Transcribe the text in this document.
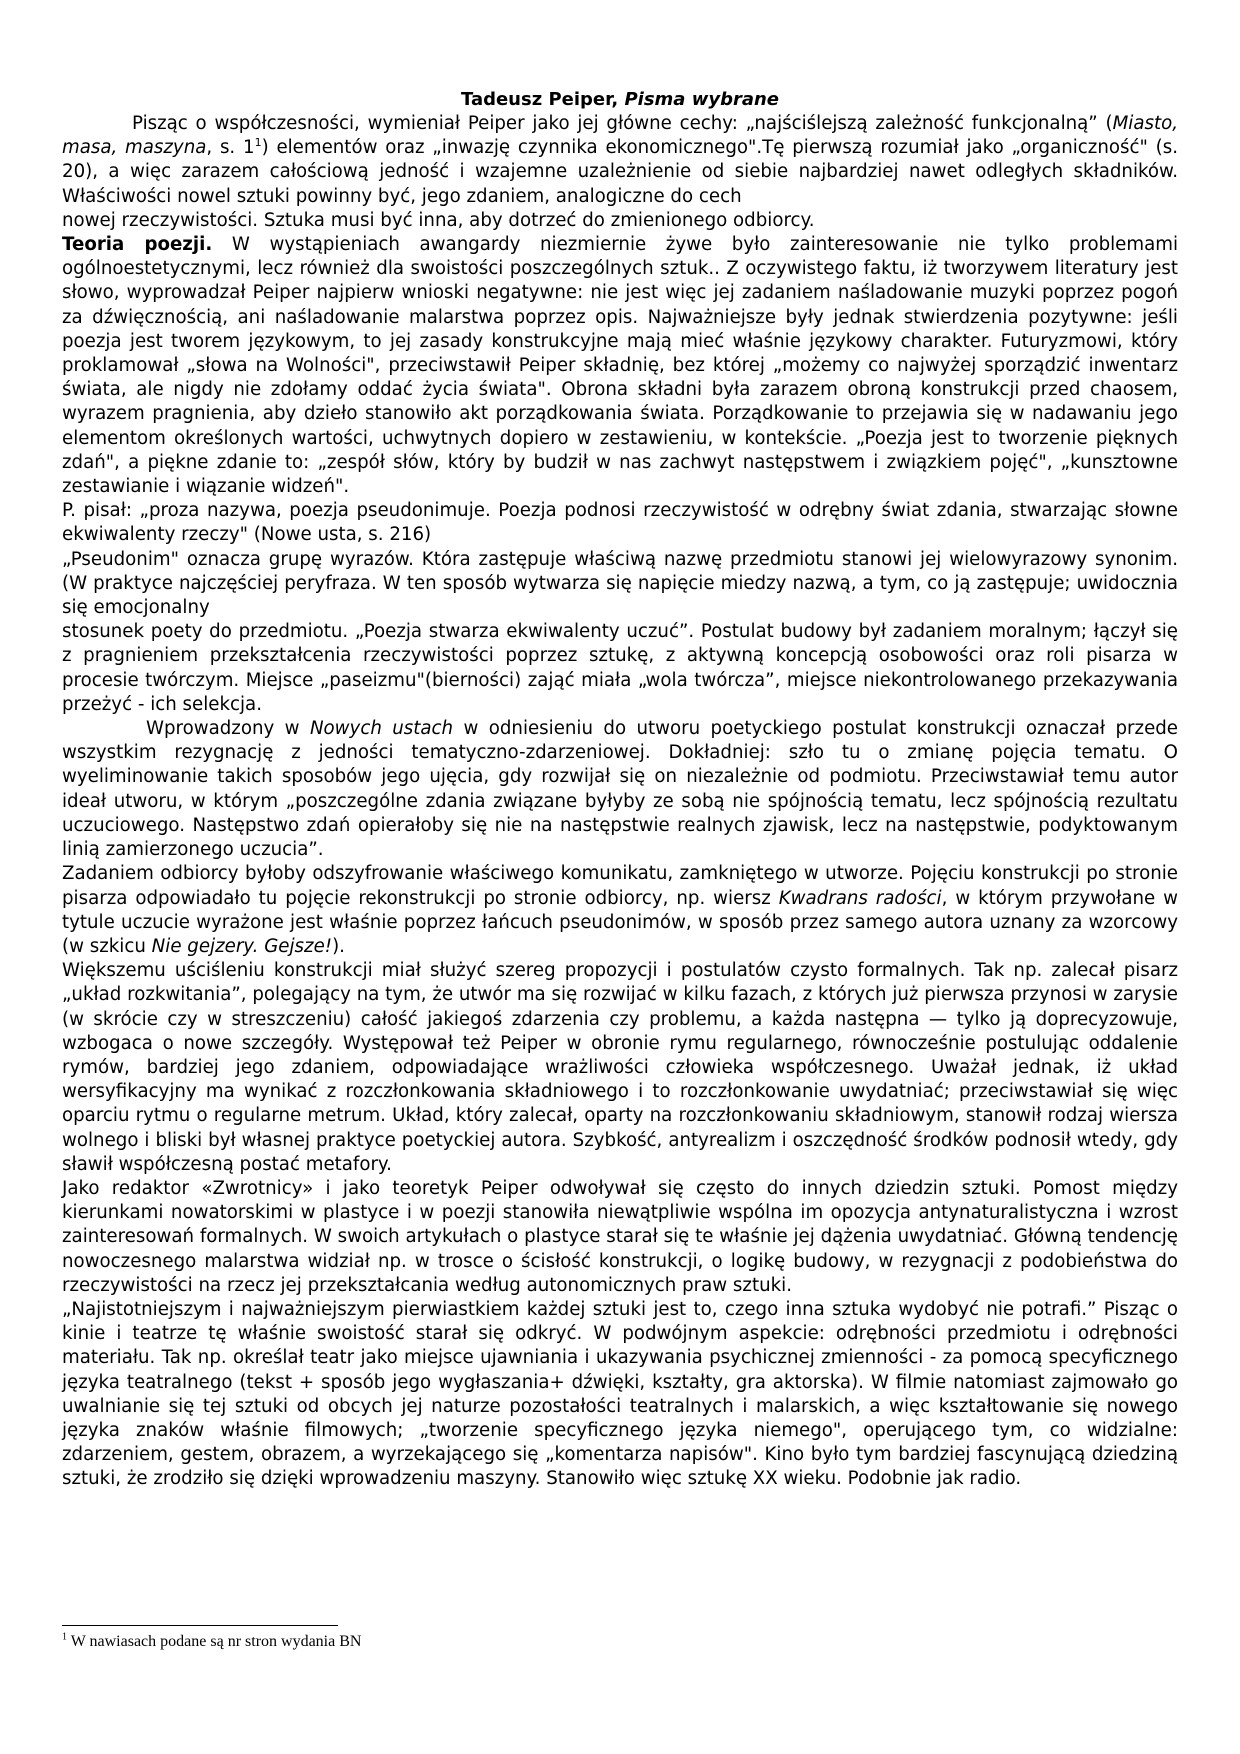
Tadeusz Peiper, Pisma wybrane

Pisząc o współczesności, wymieniał Peiper jako jej główne cechy: „najściślejszą zależność funkcjonalną” (Miasto, masa, maszyna, s. $1^1$) elementów oraz „inwazję czynnika ekonomicznego".Tę pierwszą rozumiał jako „organiczność" (s. 20), a więc zarazem całościową jedność i wzajemne uzależnienie od siebie najbardziej nawet odległych składników. Właściwości nowel sztuki powinny być, jego zdaniem, analogiczne do cech

nowej rzeczywistości. Sztuka musi być inna, aby dotrzeć do zmienionego odbiorcy.

Teoria poezji. W wystąpieniach awangardy niezmiernie żywe było zainteresowanie nie tylko problemami ogólnoestetycznymi, lecz również dla swoistości poszczególnych sztuk.. Z oczywistego faktu, iż tworzywem literatury jest słowo, wyprowadzał Peiper najpierw wnioski negatywne: nie jest więc jej zadaniem naśladowanie muzyki poprzez pogoń za dźwięcznością, ani naśladowanie malarstwa poprzez opis. Najważniejsze były jednak stwierdzenia pozytywne: jeśli poezja jest tworem językowym, to jej zasady konstrukcyjne mają mieć właśnie językowy charakter. Futuryzmowi, który proklamował „słowa na Wolności", przeciwstawił Peiper składnię, bez której „możemy co najwyżej sporządzić inwentarz świata, ale nigdy nie zdołamy oddać życia świata". Obrona składni była zarazem obroną konstrukcji przed chaosem, wyrazem pragnienia, aby dzieło stanowiło akt porządkowania świata. Porządkowanie to przejawia się w nadawaniu jego elementom określonych wartości, uchwytnych dopiero w zestawieniu, w kontekście. „Poezja jest to tworzenie pięknych zdań", a piękne zdanie to: „zespół słów, który by budził w nas zachwyt następstwem i związkiem pojęć", „kunsztowne zestawianie i wiązanie widzeń".

P. pisał: „proza nazywa, poezja pseudonimuje. Poezja podnosi rzeczywistość w odrębny świat zdania, stwarzając słowne ekwiwalenty rzeczy" (Nowe usta, s. 216)

„Pseudonim" oznacza grupę wyrazów. Która zastępuje właściwą nazwę przedmiotu stanowi jej wielowyrazowy synonim. (W praktyce najczęściej peryfraza. W ten sposób wytwarza się napięcie miedzy nazwą, a tym, co ją zastępuje; uwidocznia się emocjonalny

stosunek poety do przedmiotu. „Poezja stwarza ekwiwalenty uczuć”. Postulat budowy był zadaniem moralnym; łączył się z pragnieniem przekształcenia rzeczywistości poprzez sztukę, z aktywną koncepcją osobowości oraz roli pisarza w procesie twórczym. Miejsce „paseizmu"(bierności) zająć miała „wola twórcza”, miejsce niekontrolowanego przekazywania przeżyć - ich selekcja.

Wprowadzony w Nowych ustach w odniesieniu do utworu poetyckiego postulat konstrukcji oznaczał przede wszystkim rezygnację z jedności tematyczno-zdarzeniowej. Dokładniej: szło tu o zmianę pojęcia tematu. O wyeliminowanie takich sposobów jego ujęcia, gdy rozwijał się on niezależnie od podmiotu. Przeciwstawiał temu autor ideał utworu, w którym „poszczególne zdania związane byłyby ze sobą nie spójnością tematu, lecz spójnością rezultatu uczuciowego. Następstwo zdań opierałoby się nie na następstwie realnych zjawisk, lecz na następstwie, podyktowanym linią zamierzonego uczucia”.

Zadaniem odbiorcy byłoby odszyfrowanie właściwego komunikatu, zamkniętego w utworze. Pojęciu konstrukcji po stronie pisarza odpowiadało tu pojęcie rekonstrukcji po stronie odbiorcy, np. wiersz Kwadrans radości, w którym przywołane w tytule uczucie wyrażone jest właśnie poprzez łańcuch pseudonimów, w sposób przez samego autora uznany za wzorcowy (w szkicu Nie gejzery. Gejsze!).

Większemu uściśleniu konstrukcji miał służyć szereg propozycji i postulatów czysto formalnych. Tak np. zalecał pisarz „układ rozkwitania”, polegający na tym, że utwór ma się rozwijać w kilku fazach, z których już pierwsza przynosi w zarysie (w skrócie czy w streszczeniu) całość jakiegoś zdarzenia czy problemu, a każda następna — tylko ją doprecyzowuje, wzbogaca o nowe szczegóły. Występował też Peiper w obronie rymu regularnego, równocześnie postulując oddalenie rymów, bardziej jego zdaniem, odpowiadające wrażliwości człowieka współczesnego. Uważał jednak, iż układ wersyfikacyjny ma wynikać z rozczłonkowania składniowego i to rozczłonkowanie uwydatniać; przeciwstawiał się więc oparciu rytmu o regularne metrum. Układ, który zalecał, oparty na rozczłonkowaniu składniowym, stanowił rodzaj wiersza wolnego i bliski był własnej praktyce poetyckiej autora. Szybkość, antyrealizm i oszczędność środków podnosił wtedy, gdy sławił współczesną postać metafory.

Jako redaktor «Zwrotnicy» i jako teoretyk Peiper odwoływał się często do innych dziedzin sztuki. Pomost między kierunkami nowatorskimi w plastyce i w poezji stanowiła niewątpliwie wspólna im opozycja antynaturalistyczna i wzrost zainteresowań formalnych. W swoich artykułach o plastyce starał się te właśnie jej dążenia uwydatniać. Główną tendencję nowoczesnego malarstwa widział np. w trosce o ścisłość konstrukcji, o logikę budowy, w rezygnacji z podobieństwa do rzeczywistości na rzecz jej przekształcania według autonomicznych praw sztuki.

„Najistotniejszym i najważniejszym pierwiastkiem każdej sztuki jest to, czego inna sztuka wydobyć nie potrafi.” Pisząc o kinie i teatrze tę właśnie swoistość starał się odkryć. W podwójnym aspekcie: odrębności przedmiotu i odrębności materiału. Tak np. określał teatr jako miejsce ujawniania i ukazywania psychicznej zmienności - za pomocą specyficznego języka teatralnego (tekst + sposób jego wygłaszania+ dźwięki, kształty, gra aktorska). W filmie natomiast zajmowało go uwalnianie się tej sztuki od obcych jej naturze pozostałości teatralnych i malarskich, a więc kształtowanie się nowego języka znaków właśnie filmowych; „tworzenie specyficznego języka niemego", operującego tym, co widzialne: zdarzeniem, gestem, obrazem, a wyrzekającego się „komentarza napisów". Kino było tym bardziej fascynującą dziedziną sztuki, że zrodziło się dzięki wprowadzeniu maszyny. Stanowiło więc sztukę XX wieku. Podobnie jak radio.

$^1$ W nawiasach podane są nr stron wydania BN
